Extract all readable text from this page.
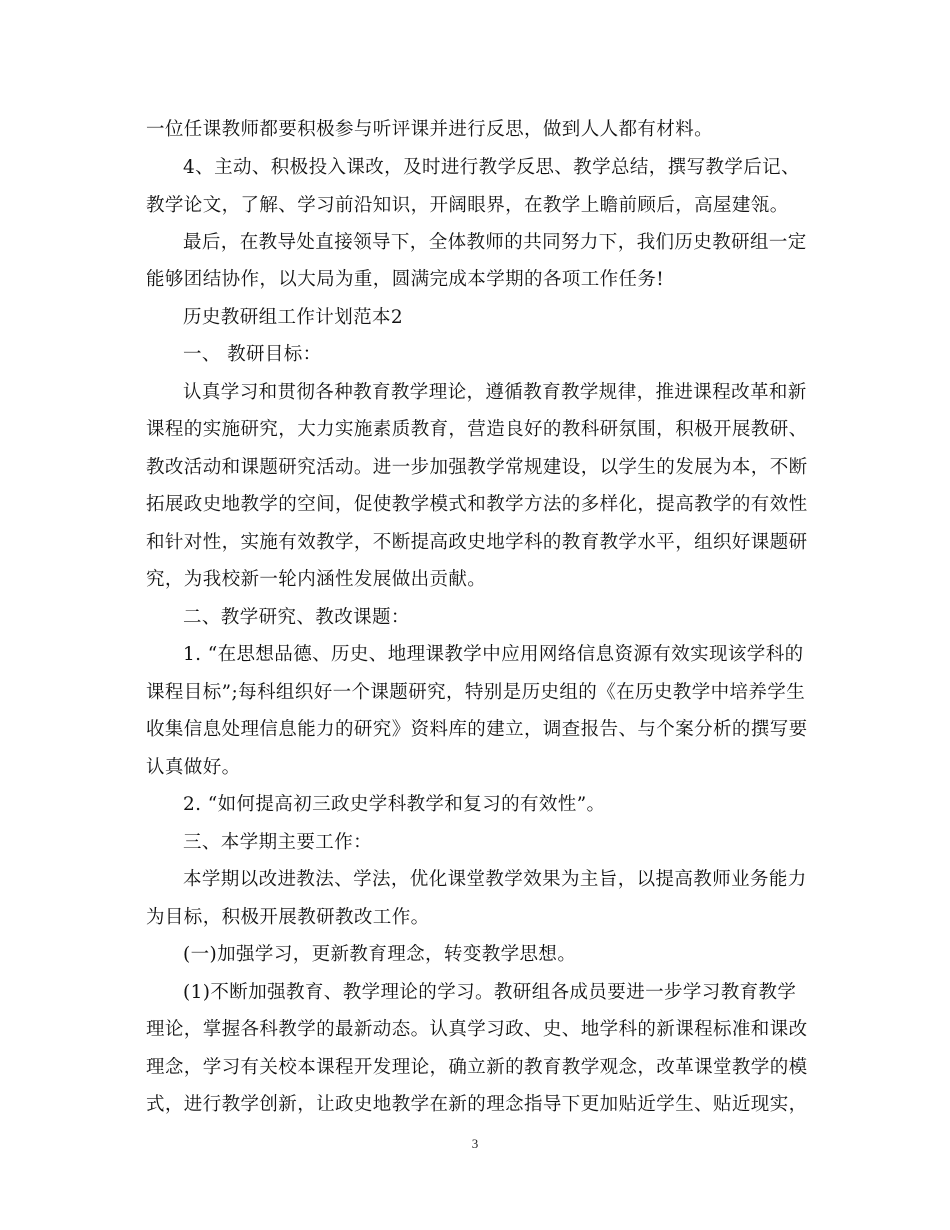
一位任课教师都要积极参与听评课并进行反思，做到人人都有材料。
4、主动、积极投入课改，及时进行教学反思、教学总结，撰写教学后记、
教学论文，了解、学习前沿知识，开阔眼界，在教学上瞻前顾后，高屋建瓴。
最后，在教导处直接领导下，全体教师的共同努力下，我们历史教研组一定
能够团结协作，以大局为重，圆满完成本学期的各项工作任务!
历史教研组工作计划范本2
一、 教研目标：
认真学习和贯彻各种教育教学理论，遵循教育教学规律，推进课程改革和新
课程的实施研究，大力实施素质教育，营造良好的教科研氛围，积极开展教研、
教改活动和课题研究活动。进一步加强教学常规建设，以学生的发展为本，不断
拓展政史地教学的空间，促使教学模式和教学方法的多样化，提高教学的有效性
和针对性，实施有效教学，不断提高政史地学科的教育教学水平，组织好课题研
究，为我校新一轮内涵性发展做出贡献。
二、教学研究、教改课题：
1. “在思想品德、历史、地理课教学中应用网络信息资源有效实现该学科的
课程目标”;每科组织好一个课题研究，特别是历史组的《在历史教学中培养学生
收集信息处理信息能力的研究》资料库的建立，调查报告、与个案分析的撰写要
认真做好。
2. “如何提高初三政史学科教学和复习的有效性”。
三、本学期主要工作：
本学期以改进教法、学法，优化课堂教学效果为主旨，以提高教师业务能力
为目标，积极开展教研教改工作。
(一)加强学习，更新教育理念，转变教学思想。
(1)不断加强教育、教学理论的学习。教研组各成员要进一步学习教育教学
理论，掌握各科教学的最新动态。认真学习政、史、地学科的新课程标准和课改
理念，学习有关校本课程开发理论，确立新的教育教学观念，改革课堂教学的模
式，进行教学创新，让政史地教学在新的理念指导下更加贴近学生、贴近现实，
3
